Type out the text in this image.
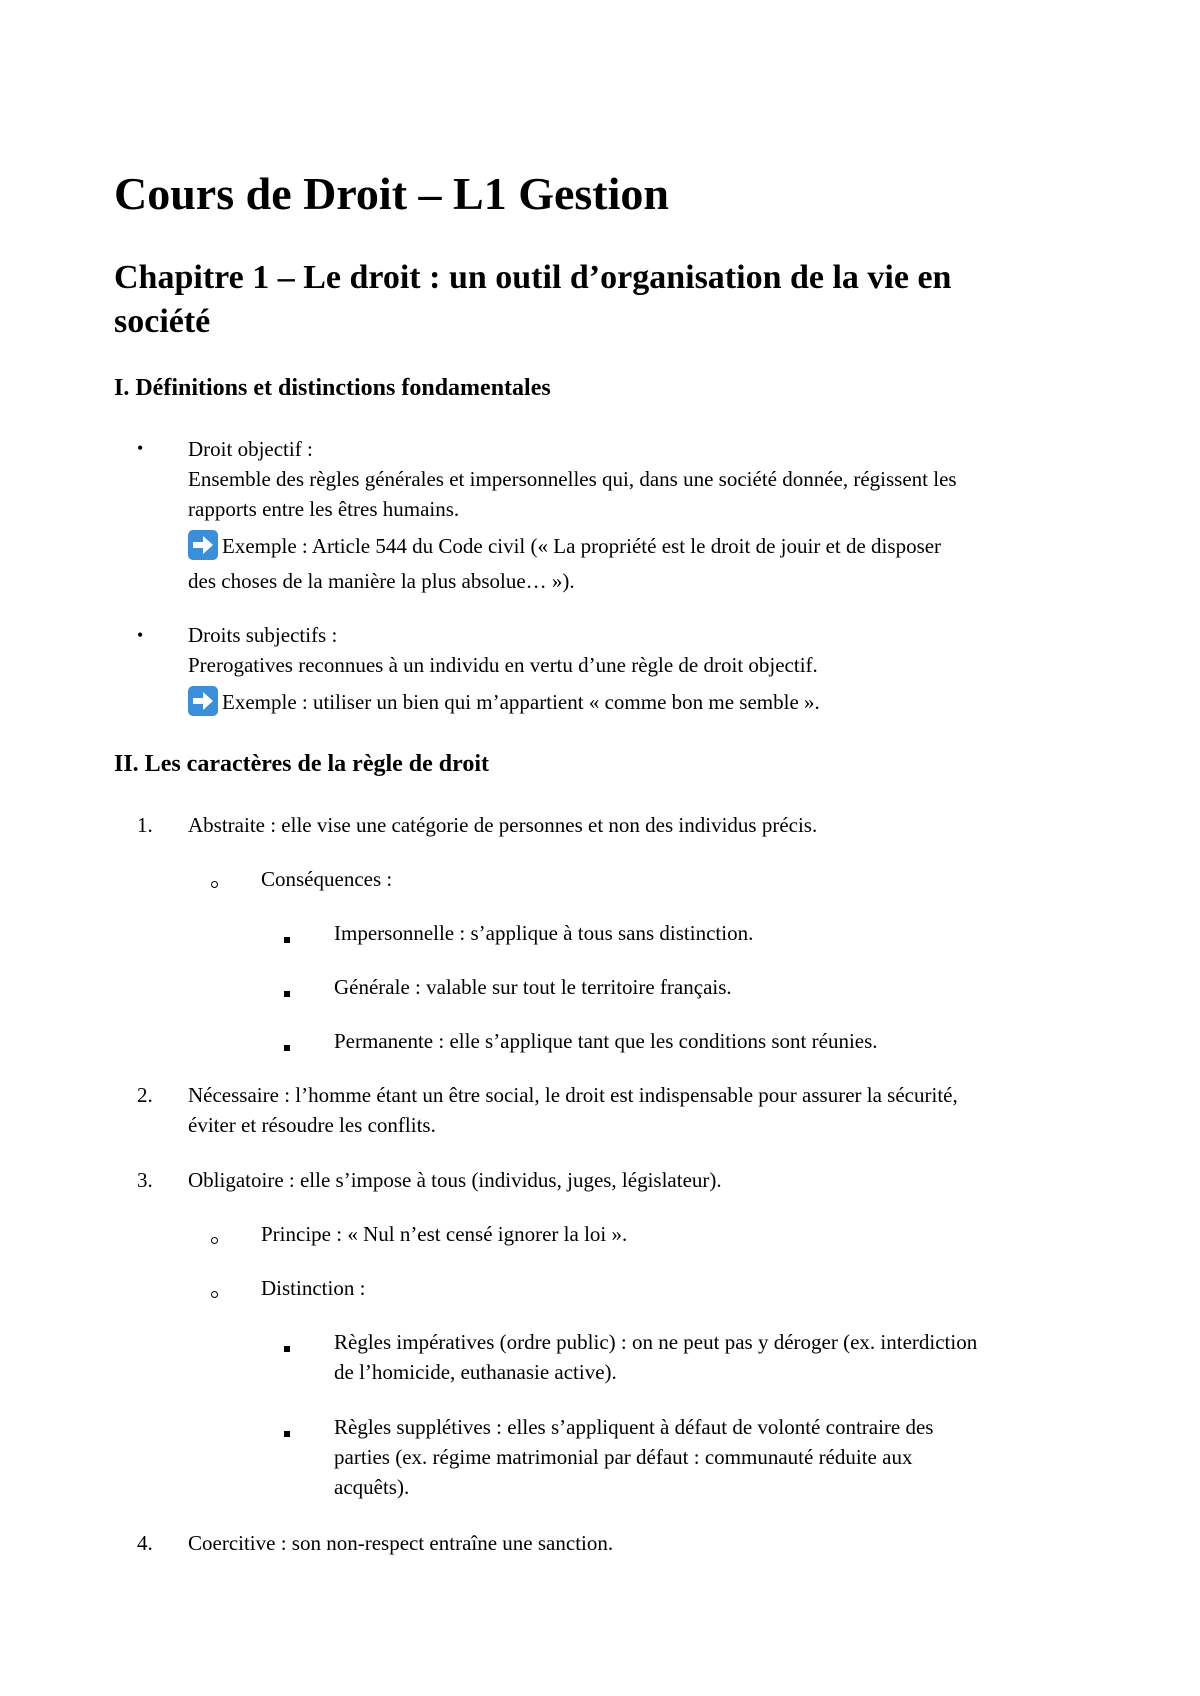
Cours de Droit – L1 Gestion
Chapitre 1 – Le droit : un outil d’organisation de la vie en
société
I. Définitions et distinctions fondamentales
• Droit objectif :
Ensemble des règles générales et impersonnelles qui, dans une société donnée, régissent les
rapports entre les êtres humains.
Exemple : Article 544 du Code civil (« La propriété est le droit de jouir et de disposer
des choses de la manière la plus absolue… »).
• Droits subjectifs :
Prerogatives reconnues à un individu en vertu d’une règle de droit objectif.
Exemple : utiliser un bien qui m’appartient « comme bon me semble ».
II. Les caractères de la règle de droit
1. Abstraite : elle vise une catégorie de personnes et non des individus précis.
Conséquences :
Impersonnelle : s’applique à tous sans distinction.
Générale : valable sur tout le territoire français.
Permanente : elle s’applique tant que les conditions sont réunies.
2. Nécessaire : l’homme étant un être social, le droit est indispensable pour assurer la sécurité,
éviter et résoudre les conflits.
3. Obligatoire : elle s’impose à tous (individus, juges, législateur).
Principe : « Nul n’est censé ignorer la loi ».
Distinction :
Règles impératives (ordre public) : on ne peut pas y déroger (ex. interdiction
de l’homicide, euthanasie active).
Règles supplétives : elles s’appliquent à défaut de volonté contraire des
parties (ex. régime matrimonial par défaut : communauté réduite aux
acquêts).
4. Coercitive : son non-respect entraîne une sanction.
